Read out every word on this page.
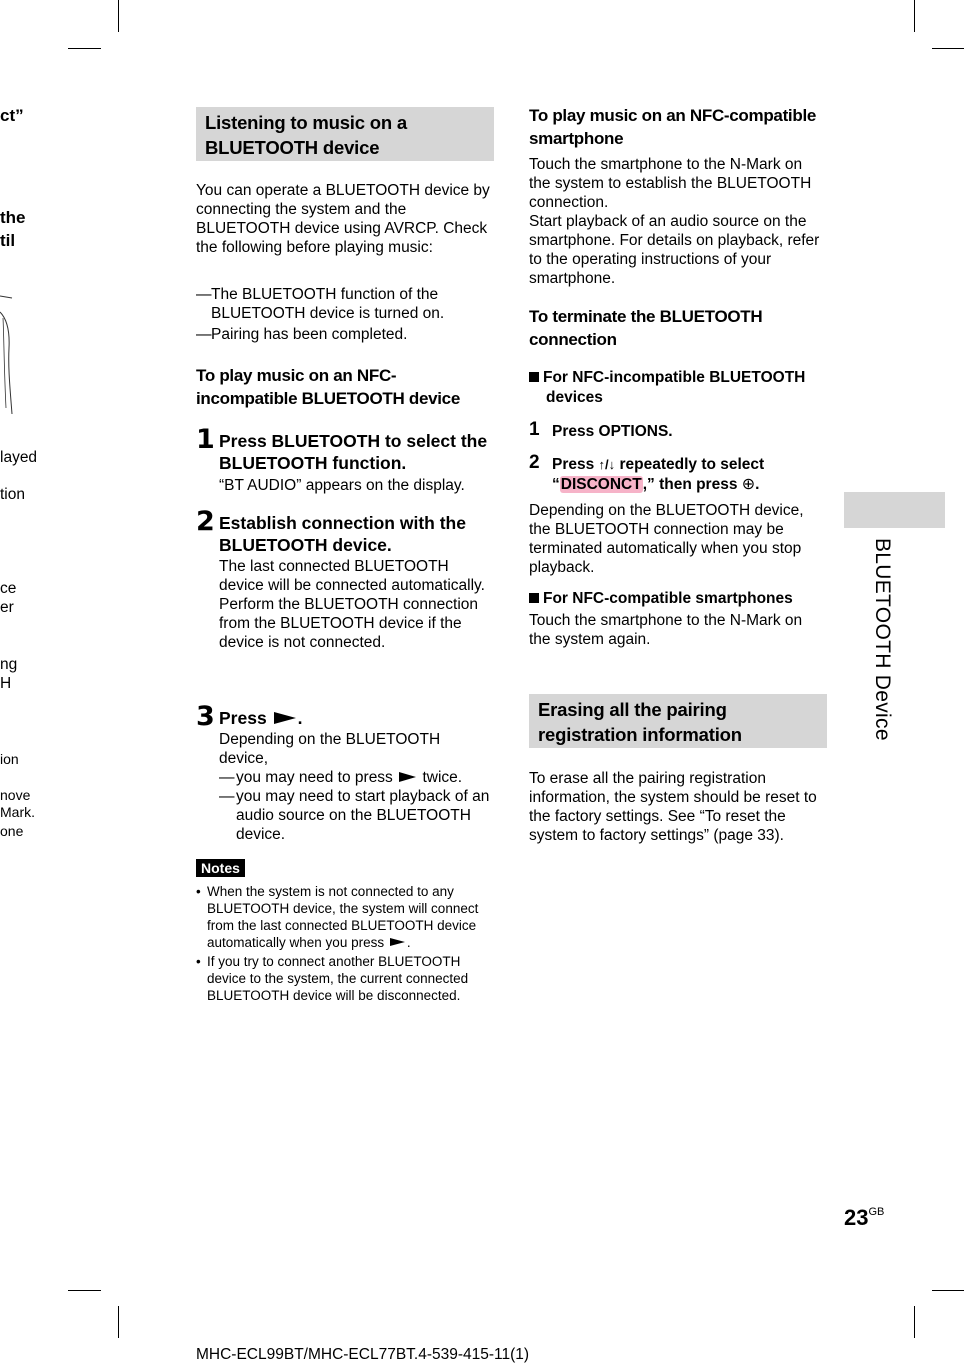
ct”
the
til
layed
tion
ce
er
ng
H
ion
nove
Mark.
one
Listening to music on a BLUETOOTH device
You can operate a BLUETOOTH device by connecting the system and the BLUETOOTH device using AVRCP. Check the following before playing music:
— The BLUETOOTH function of the BLUETOOTH device is turned on.
— Pairing has been completed.
To play music on an NFC-incompatible BLUETOOTH device
1 Press BLUETOOTH to select the BLUETOOTH function.
“BT AUDIO” appears on the display.
2 Establish connection with the BLUETOOTH device.
The last connected BLUETOOTH device will be connected automatically.
Perform the BLUETOOTH connection from the BLUETOOTH device if the device is not connected.
3 Press .
Depending on the BLUETOOTH device,
— you may need to press twice.
— you may need to start playback of an audio source on the BLUETOOTH device.
Notes
• When the system is not connected to any BLUETOOTH device, the system will connect from the last connected BLUETOOTH device automatically when you press .
• If you try to connect another BLUETOOTH device to the system, the current connected BLUETOOTH device will be disconnected.
To play music on an NFC-compatible smartphone
Touch the smartphone to the N-Mark on the system to establish the BLUETOOTH connection.
Start playback of an audio source on the smartphone. For details on playback, refer to the operating instructions of your smartphone.
To terminate the BLUETOOTH connection
For NFC-incompatible BLUETOOTH devices
1 Press OPTIONS.
2 Press ↑/↓ repeatedly to select “DISCONCT,” then press ⊕.
Depending on the BLUETOOTH device, the BLUETOOTH connection may be terminated automatically when you stop playback.
For NFC-compatible smartphones
Touch the smartphone to the N-Mark on the system again.
Erasing all the pairing registration information
To erase all the pairing registration information, the system should be reset to the factory settings. See “To reset the system to factory settings” (page 33).
BLUETOOTH Device
$23^{GB}$
MHC-ECL99BT/MHC-ECL77BT.4-539-415-11(1)
